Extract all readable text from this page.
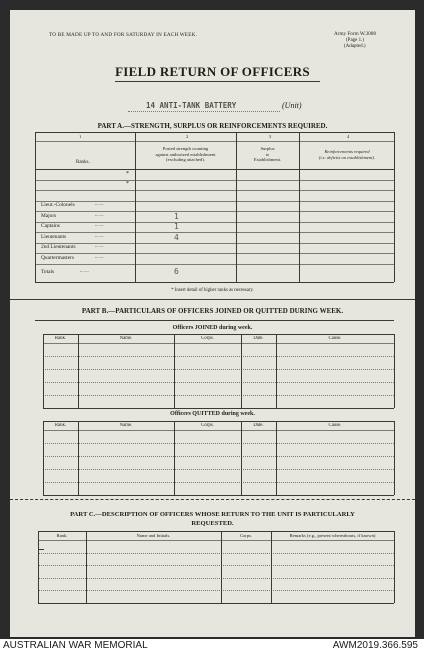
TO BE MADE UP TO AND FOR SATURDAY IN EACH WEEK.	Army Form W.3008
(Page 1.)
(Adapted.)
FIELD RETURN OF OFFICERS
14 ANTI-TANK BATTERY	(Unit)
PART A.—STRENGTH, SURPLUS OR REINFORCEMENTS REQUIRED.
1	2	3	4
Ranks.
Posted strength counting
against authorized establishment
(excluding attached).
Surplus
to
Establishment.
Reinforcements required
(i.e. deficits on establishment).
*
*
Lieut.-Colonels	... ...
Majors	... ...	1
Captains	... ...	1
Lieutenants	... ...	4
2nd Lieutenants	... ...
Quartermasters	... ...
Totals	... ...	6
* Insert detail of higher ranks as necessary.
PART B.—PARTICULARS OF OFFICERS JOINED OR QUITTED DURING WEEK.
Officers JOINED during week.
Rank.	Name.	Corps.	Date.	Cause.
Officers QUITTED during week.
Rank.	Name.	Corps.	Date.	Cause.
PART C.—DESCRIPTION OF OFFICERS WHOSE RETURN TO THE UNIT IS PARTICULARLY
REQUESTED.
Rank.	Name and Initials.	Corps.	Remarks (e.g., present whereabouts, if known)
AUSTRALIAN WAR MEMORIAL	AWM2019.366.595
